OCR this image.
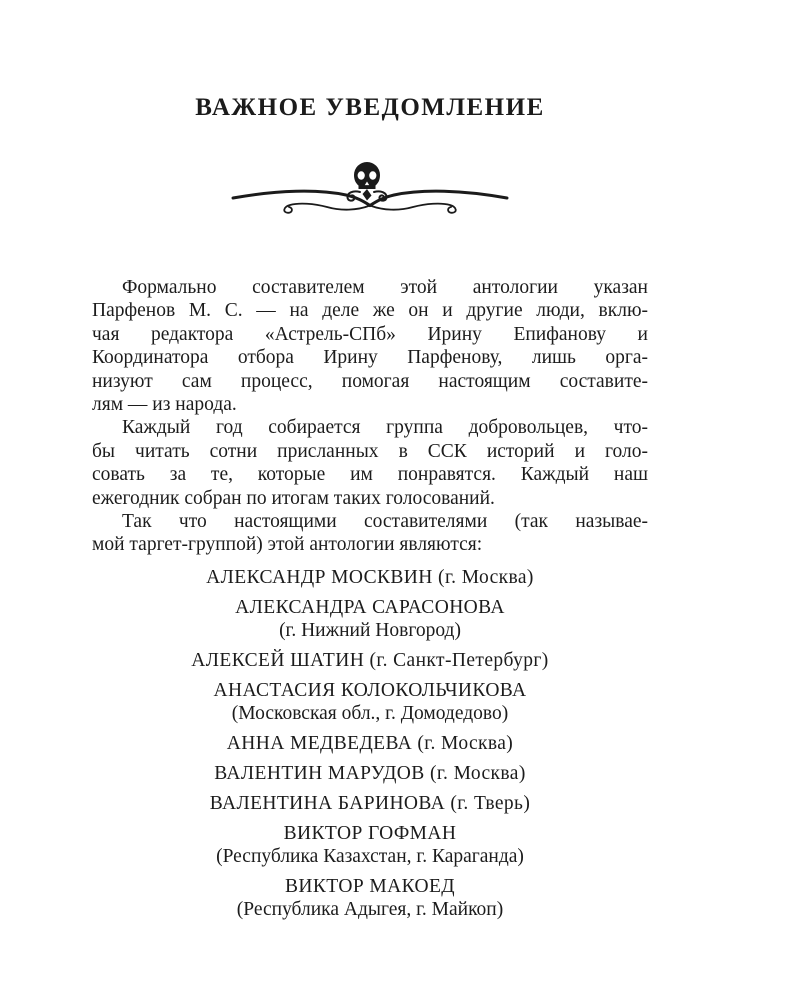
ВАЖНОЕ УВЕДОМЛЕНИЕ
Формально составителем этой антологии указан
Парфенов М. С. — на деле же он и другие люди, вклю-
чая редактора «Астрель-СПб» Ирину Епифанову и
Координатора отбора Ирину Парфенову, лишь орга-
низуют сам процесс, помогая настоящим составите-
лям — из народа.
Каждый год собирается группа добровольцев, что-
бы читать сотни присланных в ССК историй и голо-
совать за те, которые им понравятся. Каждый наш
ежегодник собран по итогам таких голосований.
Так что настоящими составителями (так называе-
мой таргет-группой) этой антологии являются:
АЛЕКСАНДР МОСКВИН (г. Москва)
АЛЕКСАНДРА САРАСОНОВА
(г. Нижний Новгород)
АЛЕКСЕЙ ШАТИН (г. Санкт-Петербург)
АНАСТАСИЯ КОЛОКОЛЬЧИКОВА
(Московская обл., г. Домодедово)
АННА МЕДВЕДЕВА (г. Москва)
ВАЛЕНТИН МАРУДОВ (г. Москва)
ВАЛЕНТИНА БАРИНОВА (г. Тверь)
ВИКТОР ГОФМАН
(Республика Казахстан, г. Караганда)
ВИКТОР МАКОЕД
(Республика Адыгея, г. Майкоп)
